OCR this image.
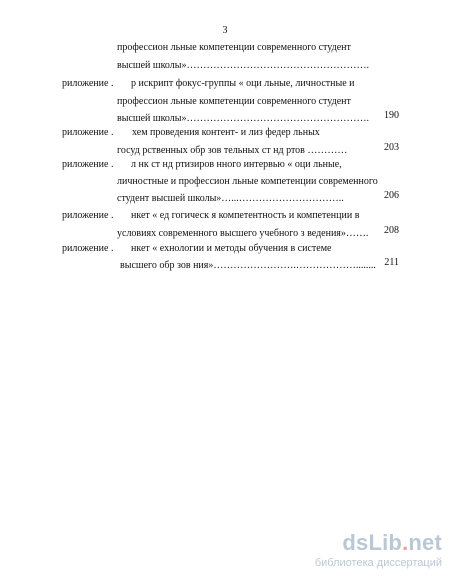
3
професcион льные компетенции современного студент
высшей школы»……………………………………………….
риложение . р искрипт фокус-группы « оци льные, личностные и
професcион льные компетенции современного студент
высшей школы»………………………………………………. 190
риложение . хем проведения контент- и лиз федер льных
госуд рственных обр зов тельных ст нд ртов …………	203
риложение . л нк ст нд ртизиров нного интервью « оци льные,
личностные и професcион льные компетенции современного
студент высшей школы»…...…………………………..	206
риложение . нкет « ед гогическ я компетентность и компетенции в
условиях современного высшего учебного з ведения»……. 208
риложение . нкет « ехнологии и методы обучения в системе
высшего обр зов ния»…………………….………………........ 211
dsLib.net
библиотека диссертаций
